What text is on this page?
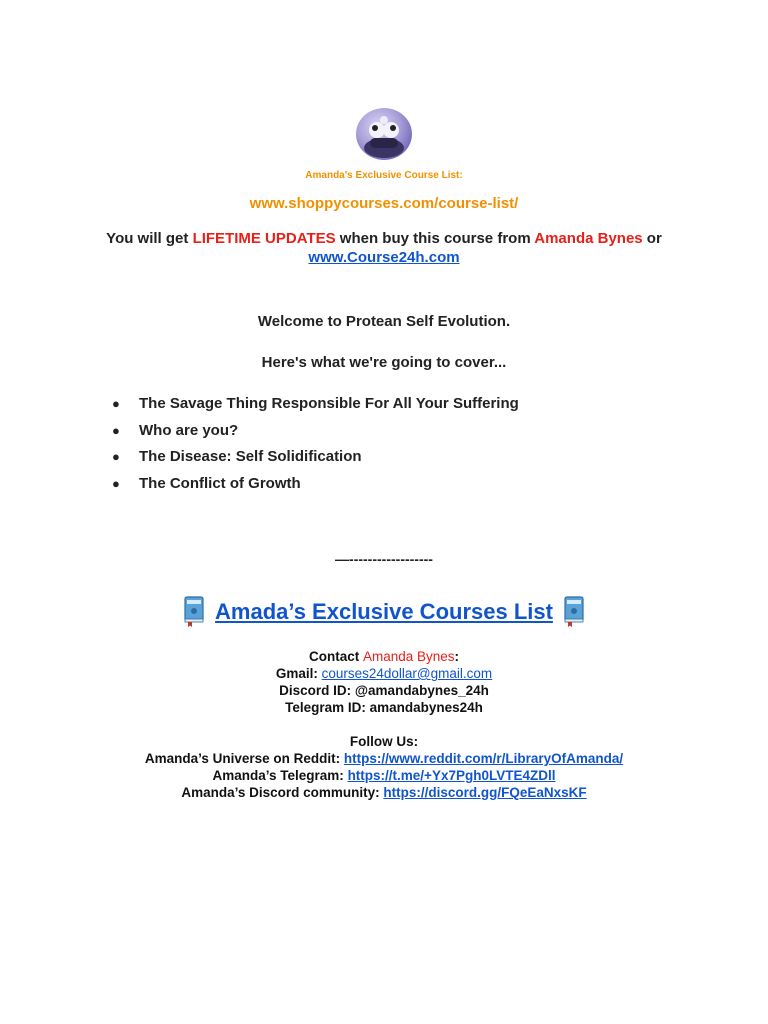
Amanda's Exclusive Course List:
www.shoppycourses.com/course-list/
You will get LIFETIME UPDATES when buy this course from Amanda Bynes or
www.Course24h.com
Welcome to Protean Self Evolution.
Here's what we're going to cover...
●	The Savage Thing Responsible For All Your Suffering
●	Who are you?
●	The Disease: Self Solidification
●	The Conflict of Growth
—------------------
Amada’s Exclusive Courses List
Contact Amanda Bynes:
Gmail: courses24dollar@gmail.com
Discord ID: @amandabynes_24h
Telegram ID: amandabynes24h
Follow Us:
Amanda’s Universe on Reddit: https://www.reddit.com/r/LibraryOfAmanda/
Amanda’s Telegram: https://t.me/+Yx7Pgh0LVTE4ZDll
Amanda’s Discord community: https://discord.gg/FQeEaNxsKF
